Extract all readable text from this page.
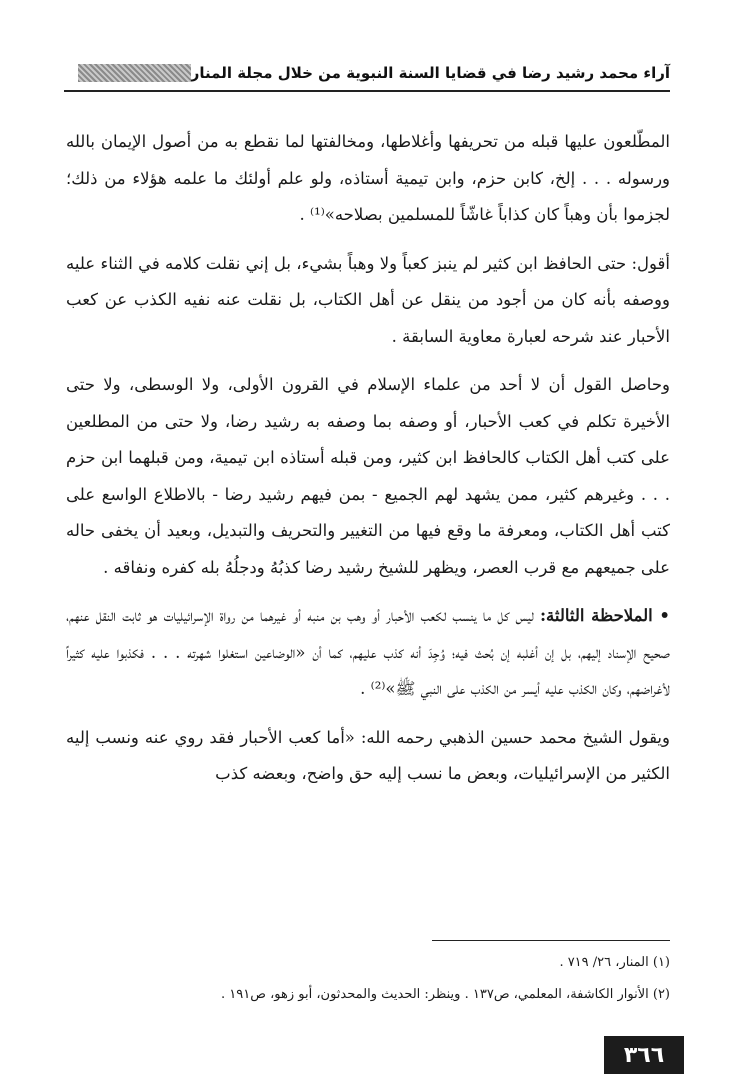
آراء محمد رشيد رضا في قضايا السنة النبوية من خلال مجلة المنار

المطّلعون عليها قبله من تحريفها وأغلاطها، ومخالفتها لما نقطع به من أصول الإيمان بالله ورسوله . . . إلخ، كابن حزم، وابن تيمية أستاذه، ولو علم أولئك ما علمه هؤلاء من ذلك؛ لجزموا بأن وهباً كان كذاباً غاشّاً للمسلمين بصلاحه»⁽¹⁾ .

أقول: حتى الحافظ ابن كثير لم ينبز كعباً ولا وهباً بشيء، بل إني نقلت كلامه في الثناء عليه ووصفه بأنه كان من أجود من ينقل عن أهل الكتاب، بل نقلت عنه نفيه الكذب عن كعب الأحبار عند شرحه لعبارة معاوية السابقة .

وحاصل القول أن لا أحد من علماء الإسلام في القرون الأولى، ولا الوسطى، ولا حتى الأخيرة تكلم في كعب الأحبار، أو وصفه بما وصفه به رشيد رضا، ولا حتى من المطلعين على كتب أهل الكتاب كالحافظ ابن كثير، ومن قبله أستاذه ابن تيمية، ومن قبلهما ابن حزم . . . وغيرهم كثير، ممن يشهد لهم الجميع - بمن فيهم رشيد رضا - بالاطلاع الواسع على كتب أهل الكتاب، ومعرفة ما وقع فيها من التغيير والتحريف والتبديل، وبعيد أن يخفى حاله على جميعهم مع قرب العصر، ويظهر للشيخ رشيد رضا كذبُهُ ودجلُهُ بله كفره ونفاقه .

• الملاحظة الثالثة: ليس كل ما ينسب لكعب الأحبار أو وهب بن منبه أو غيرهما من رواة الإسرائيليات هو ثابت النقل عنهم، صحيح الإسناد إليهم، بل إن أغلبه إن بُحث فيه؛ وُجِدَ أنه كذب عليهم، كما أن «الوضاعين استغلوا شهرته . . . فكذبوا عليه كثيراً لأغراضهم، وكان الكذب عليه أيسر من الكذب على النبي ﷺ»⁽²⁾ .

ويقول الشيخ محمد حسين الذهبي رحمه الله: «أما كعب الأحبار فقد روي عنه ونسب إليه الكثير من الإسرائيليات، وبعض ما نسب إليه حق واضح، وبعضه كذب

(١) المنار، ٢٦/ ٧١٩ .
(٢) الأنوار الكاشفة، المعلمي، ص١٣٧ . وينظر: الحديث والمحدثون، أبو زهو، ص١٩١ .
٣٦٦
